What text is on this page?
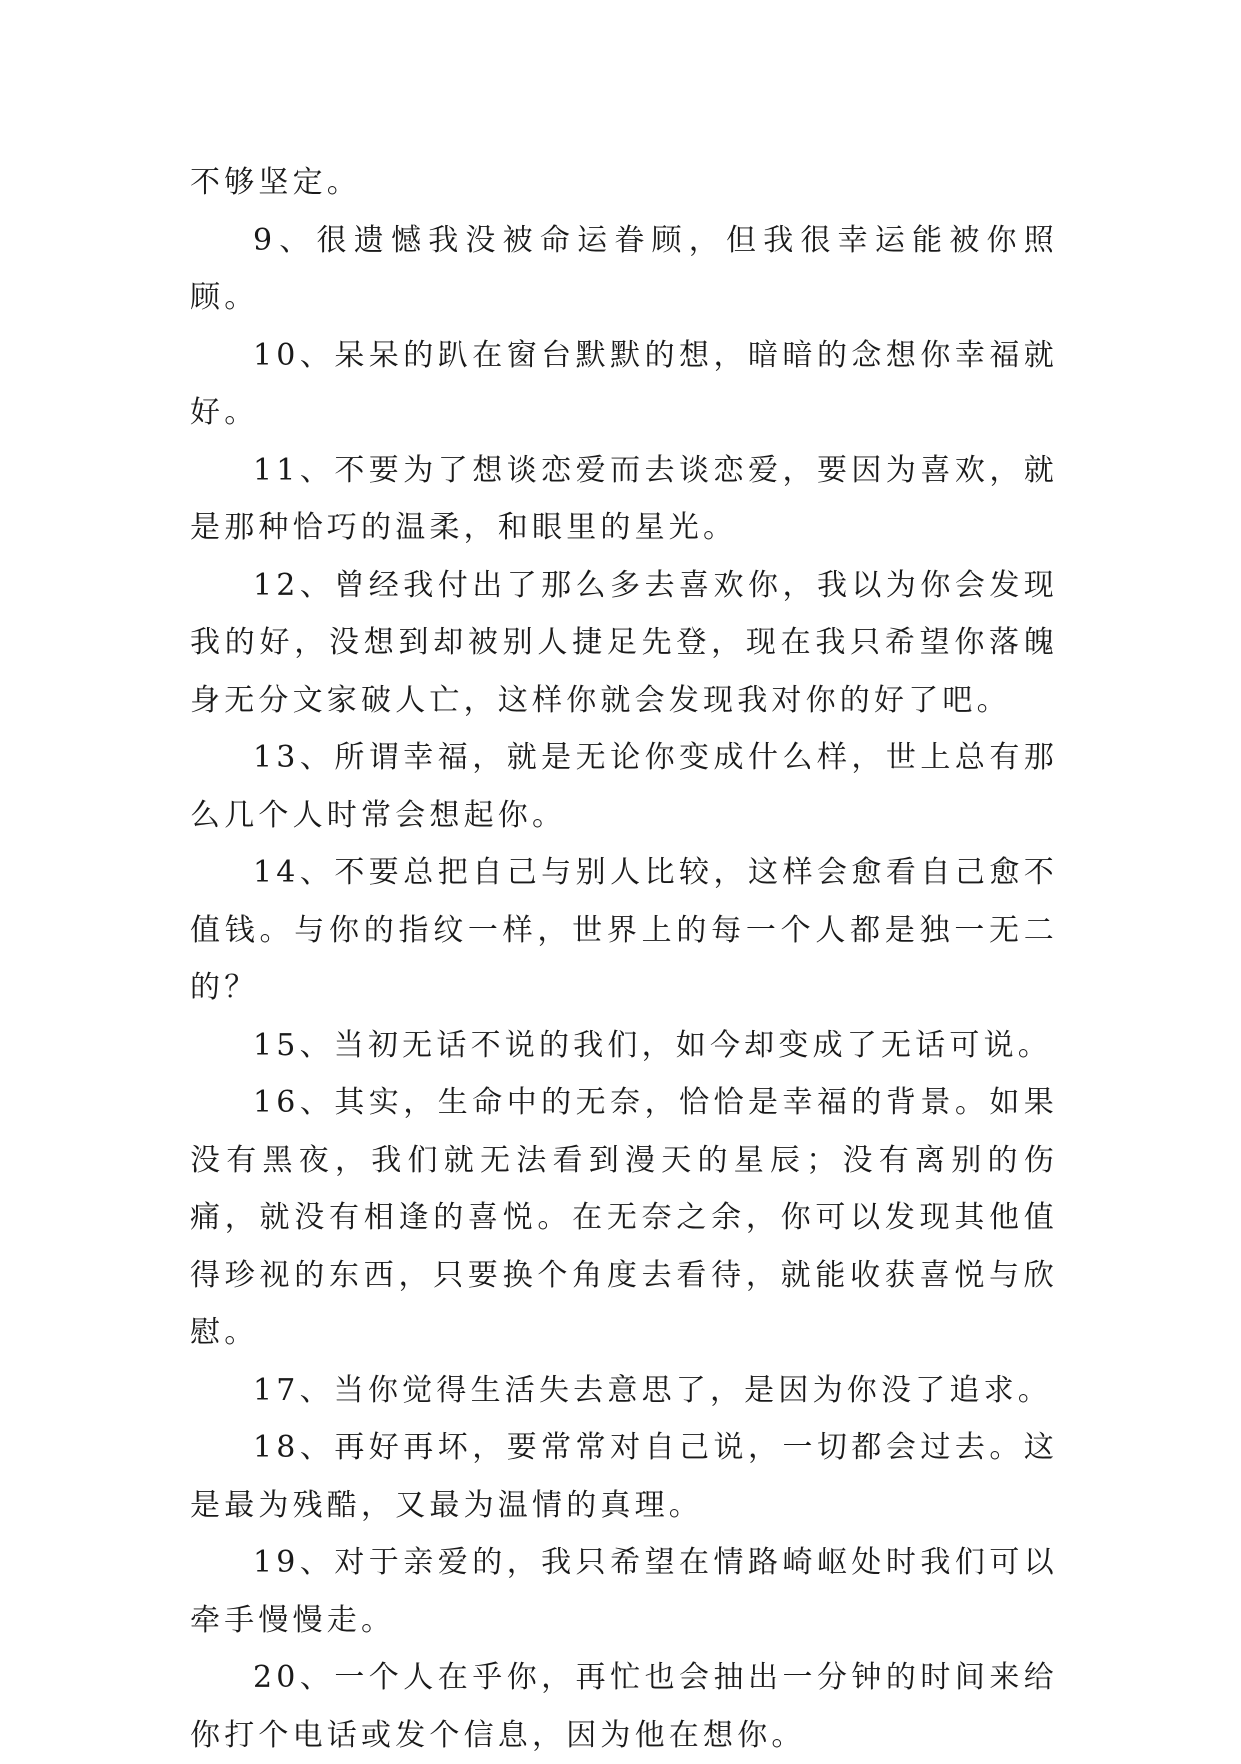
不够坚定。

9、很遗憾我没被命运眷顾，但我很幸运能被你照顾。

10、呆呆的趴在窗台默默的想，暗暗的念想你幸福就好。

11、不要为了想谈恋爱而去谈恋爱，要因为喜欢，就是那种恰巧的温柔，和眼里的星光。

12、曾经我付出了那么多去喜欢你，我以为你会发现我的好，没想到却被别人捷足先登，现在我只希望你落魄身无分文家破人亡，这样你就会发现我对你的好了吧。

13、所谓幸福，就是无论你变成什么样，世上总有那么几个人时常会想起你。

14、不要总把自己与别人比较，这样会愈看自己愈不值钱。与你的指纹一样，世界上的每一个人都是独一无二的？

15、当初无话不说的我们，如今却变成了无话可说。

16、其实，生命中的无奈，恰恰是幸福的背景。如果没有黑夜，我们就无法看到漫天的星辰；没有离别的伤痛，就没有相逢的喜悦。在无奈之余，你可以发现其他值得珍视的东西，只要换个角度去看待，就能收获喜悦与欣慰。

17、当你觉得生活失去意思了，是因为你没了追求。

18、再好再坏，要常常对自己说，一切都会过去。这是最为残酷，又最为温情的真理。

19、对于亲爱的，我只希望在情路崎岖处时我们可以牵手慢慢走。

20、一个人在乎你，再忙也会抽出一分钟的时间来给你打个电话或发个信息，因为他在想你。
